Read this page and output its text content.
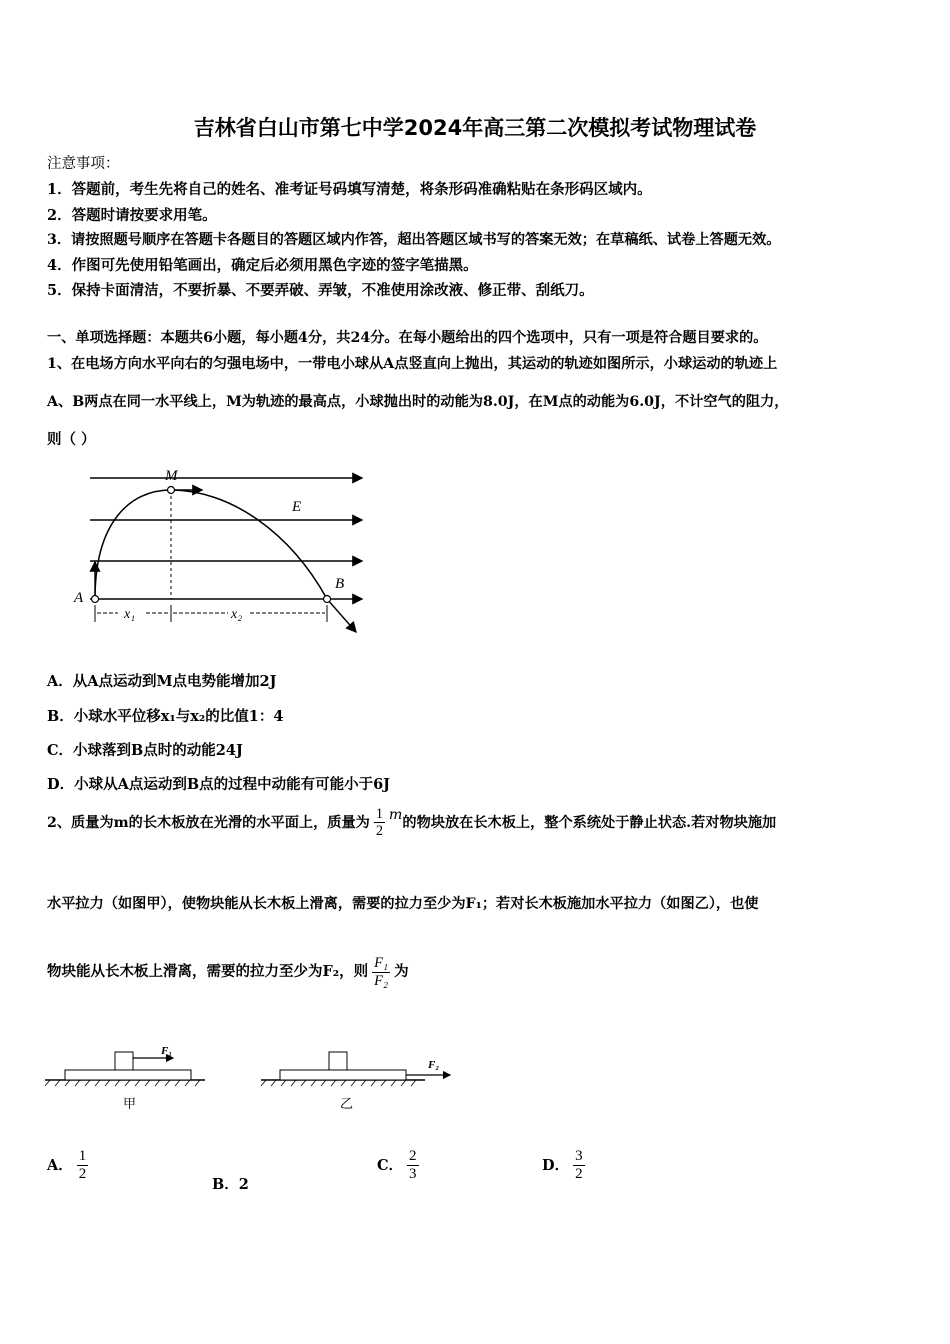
吉林省白山市第七中学2024年高三第二次模拟考试物理试卷
注意事项：
1．答题前，考生先将自己的姓名、准考证号码填写清楚，将条形码准确粘贴在条形码区域内。
2．答题时请按要求用笔。
3．请按照题号顺序在答题卡各题目的答题区域内作答，超出答题区域书写的答案无效；在草稿纸、试卷上答题无效。
4．作图可先使用铅笔画出，确定后必须用黑色字迹的签字笔描黑。
5．保持卡面清洁，不要折暴、不要弄破、弄皱，不准使用涂改液、修正带、刮纸刀。
一、单项选择题：本题共6小题，每小题4分，共24分。在每小题给出的四个选项中，只有一项是符合题目要求的。
1、在电场方向水平向右的匀强电场中，一带电小球从A点竖直向上抛出，其运动的轨迹如图所示，小球运动的轨迹上
A、B两点在同一水平线上，M为轨迹的最高点，小球抛出时的动能为8.0J，在M点的动能为6.0J，不计空气的阻力，
则（ ）
M
E
A
B
x₁	x₂
A．从A点运动到M点电势能增加2J
B．小球水平位移x₁与x₂的比值1：4
C．小球落到B点时的动能24J
D．小球从A点运动到B点的过程中动能有可能小于6J
2、质量为m的长木板放在光滑的水平面上，质量为 $\frac{1}{2}$ m的物块放在长木板上，整个系统处于静止状态.若对物块施加
水平拉力（如图甲），使物块能从长木板上滑离，需要的拉力至少为F₁；若对长木板施加水平拉力（如图乙），也使
物块能从长木板上滑离，需要的拉力至少为F₂，则 $\frac{\text{F₁}}{\text{F₂}}$ 为
F₁
甲
F₂
乙
A． $\frac{1}{2}$
B．2
C． $\frac{2}{3}$	D． $\frac{3}{2}$
